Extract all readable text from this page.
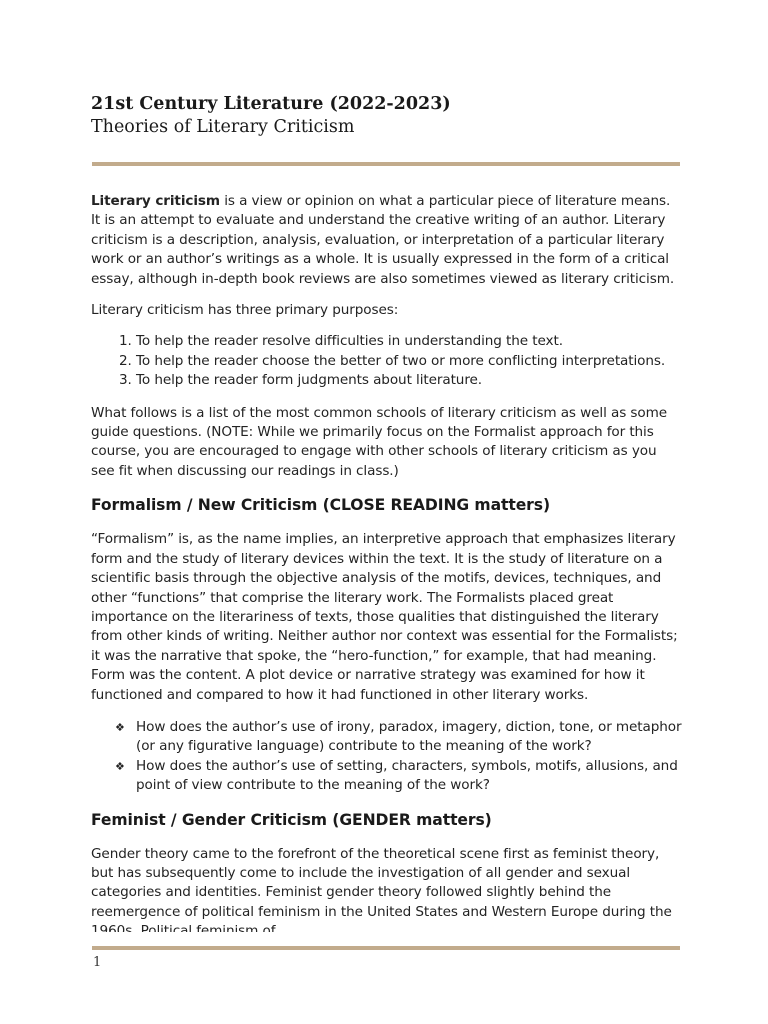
21st Century Literature (2022-2023)
Theories of Literary Criticism

Literary criticism is a view or opinion on what a particular piece of literature means. It is an attempt to evaluate and understand the creative writing of an author. Literary criticism is a description, analysis, evaluation, or interpretation of a particular literary work or an author’s writings as a whole. It is usually expressed in the form of a critical essay, although in-depth book reviews are also sometimes viewed as literary criticism.

Literary criticism has three primary purposes:

1. To help the reader resolve difficulties in understanding the text.
2. To help the reader choose the better of two or more conflicting interpretations.
3. To help the reader form judgments about literature.

What follows is a list of the most common schools of literary criticism as well as some guide questions. (NOTE: While we primarily focus on the Formalist approach for this course, you are encouraged to engage with other schools of literary criticism as you see fit when discussing our readings in class.)

Formalism / New Criticism (CLOSE READING matters)

“Formalism” is, as the name implies, an interpretive approach that emphasizes literary form and the study of literary devices within the text. It is the study of literature on a scientific basis through the objective analysis of the motifs, devices, techniques, and other “functions” that comprise the literary work. The Formalists placed great importance on the literariness of texts, those qualities that distinguished the literary from other kinds of writing. Neither author nor context was essential for the Formalists; it was the narrative that spoke, the “hero-function,” for example, that had meaning. Form was the content. A plot device or narrative strategy was examined for how it functioned and compared to how it had functioned in other literary works.

❖ How does the author’s use of irony, paradox, imagery, diction, tone, or metaphor (or any figurative language) contribute to the meaning of the work?
❖ How does the author’s use of setting, characters, symbols, motifs, allusions, and point of view contribute to the meaning of the work?
Feminist / Gender Criticism (GENDER matters)

Gender theory came to the forefront of the theoretical scene first as feminist theory, but has subsequently come to include the investigation of all gender and sexual categories and identities. Feminist gender theory followed slightly behind the reemergence of political feminism in the United States and Western Europe during the

1
